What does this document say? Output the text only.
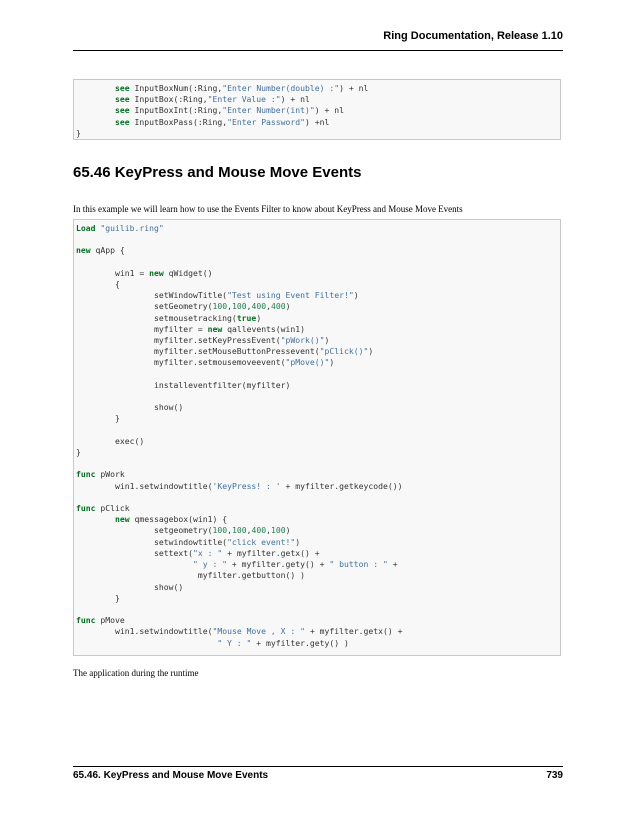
Ring Documentation, Release 1.10
see InputBoxNum(:Ring,"Enter Number(double) :") + nl
see InputBox(:Ring,"Enter Value :") + nl
see InputBoxInt(:Ring,"Enter Number(int)") + nl
see InputBoxPass(:Ring,"Enter Password") +nl
}
65.46 KeyPress and Mouse Move Events
In this example we will learn how to use the Events Filter to know about KeyPress and Mouse Move Events
Load "guilib.ring"

new qApp {

win1 = new qWidget()
{
setWindowTitle("Test using Event Filter!")
setGeometry(100,100,400,400)
setmousetracking(true)
myfilter = new qallevents(win1)
myfilter.setKeyPressEvent("pWork()")
myfilter.setMouseButtonPressevent("pClick()")
myfilter.setmousemoveevent("pMove()")

installeventfilter(myfilter)

show()
}

exec()
}

func pWork
win1.setwindowtitle('KeyPress! : ' + myfilter.getkeycode())

func pClick
new qmessagebox(win1) {
setgeometry(100,100,400,100)
setwindowtitle("click event!")
settext("x : " + myfilter.getx() +
" y : " + myfilter.gety() + " button : " +
myfilter.getbutton() )
show()
}

func pMove
win1.setwindowtitle("Mouse Move , X : " + myfilter.getx() +
" Y : " + myfilter.gety() )
The application during the runtime
65.46. KeyPress and Mouse Move Events	739
